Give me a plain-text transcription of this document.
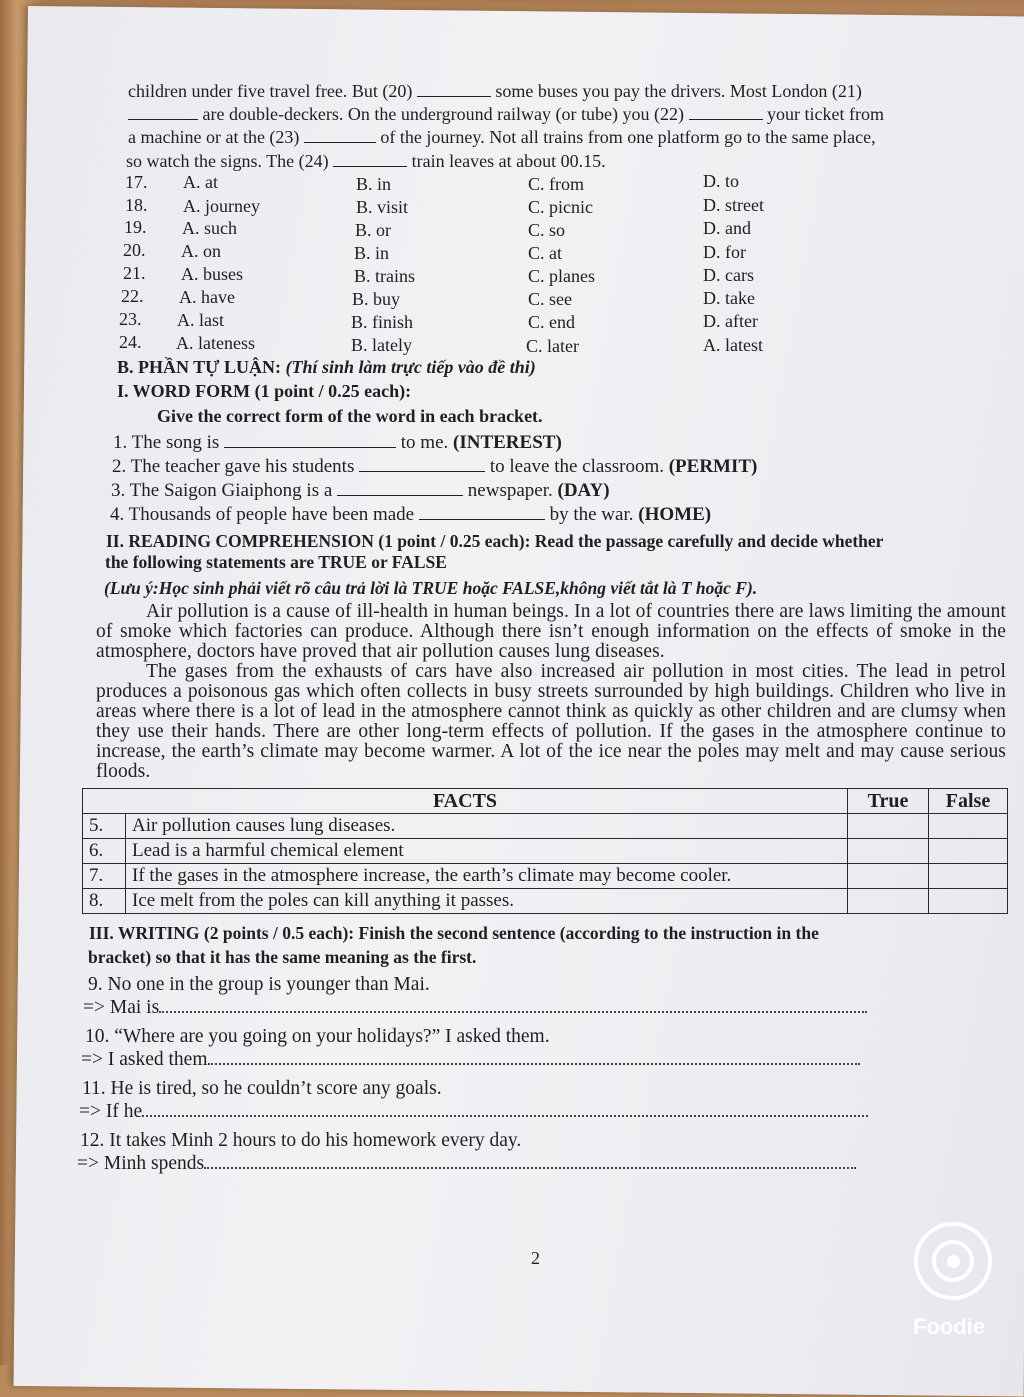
children under five travel free. But (20)	some buses you pay the drivers. Most London (21)
are double-deckers. On the underground railway (or tube) you (22)	your ticket from
a machine or at the (23)	of the journey. Not all trains from one platform go to the same place,
so watch the signs. The (24)	train leaves at about 00.15.
17. A. at	B. in	C. from	D. to
18. A. journey	B. visit	C. picnic	D. street
19. A. such	B. or	C. so	D. and
20. A. on	B. in	C. at	D. for
21. A. buses	B. trains	C. planes	D. cars
22. A. have	B. buy	C. see	D. take
23. A. last	B. finish	C. end	D. after
24. A. lateness	B. lately	C. later	A. latest
B. PHẦN TỰ LUẬN: (Thí sinh làm trực tiếp vào đề thi)
I. WORD FORM (1 point / 0.25 each):
Give the correct form of the word in each bracket.
1. The song is	to me. (INTEREST)
2. The teacher gave his students	to leave the classroom. (PERMIT)
3. The Saigon Giaiphong is a	newspaper. (DAY)
4. Thousands of people have been made	by the war. (HOME)
II. READING COMPREHENSION (1 point / 0.25 each): Read the passage carefully and decide whether
the following statements are TRUE or FALSE
(Lưu ý:Học sinh phải viết rõ câu trả lời là TRUE hoặc FALSE,không viết tắt là T hoặc F).

Air pollution is a cause of ill-health in human beings. In a lot of countries there are laws limiting the amount of smoke which factories can produce. Although there isn’t enough information on the effects of smoke in the atmosphere, doctors have proved that air pollution causes lung diseases.

The gases from the exhausts of cars have also increased air pollution in most cities. The lead in petrol produces a poisonous gas which often collects in busy streets surrounded by high buildings. Children who live in areas where there is a lot of lead in the atmosphere cannot think as quickly as other children and are clumsy when they use their hands. There are other long-term effects of pollution. If the gases in the atmosphere continue to increase, the earth’s climate may become warmer. A lot of the ice near the poles may melt and may cause serious floods.

FACTS		True	False
5.	Air pollution causes lung diseases.		
6.	Lead is a harmful chemical element		
7.	If the gases in the atmosphere increase, the earth’s climate may become cooler.		
8.	Ice melt from the poles can kill anything it passes.		
III. WRITING (2 points / 0.5 each): Finish the second sentence (according to the instruction in the
bracket) so that it has the same meaning as the first.
9. No one in the group is younger than Mai.
=> Mai is
10. “Where are you going on your holidays?” I asked them.
=> I asked them
11. He is tired, so he couldn’t score any goals.
=> If he
12. It takes Minh 2 hours to do his homework every day.
=> Minh spends
2
Foodie
